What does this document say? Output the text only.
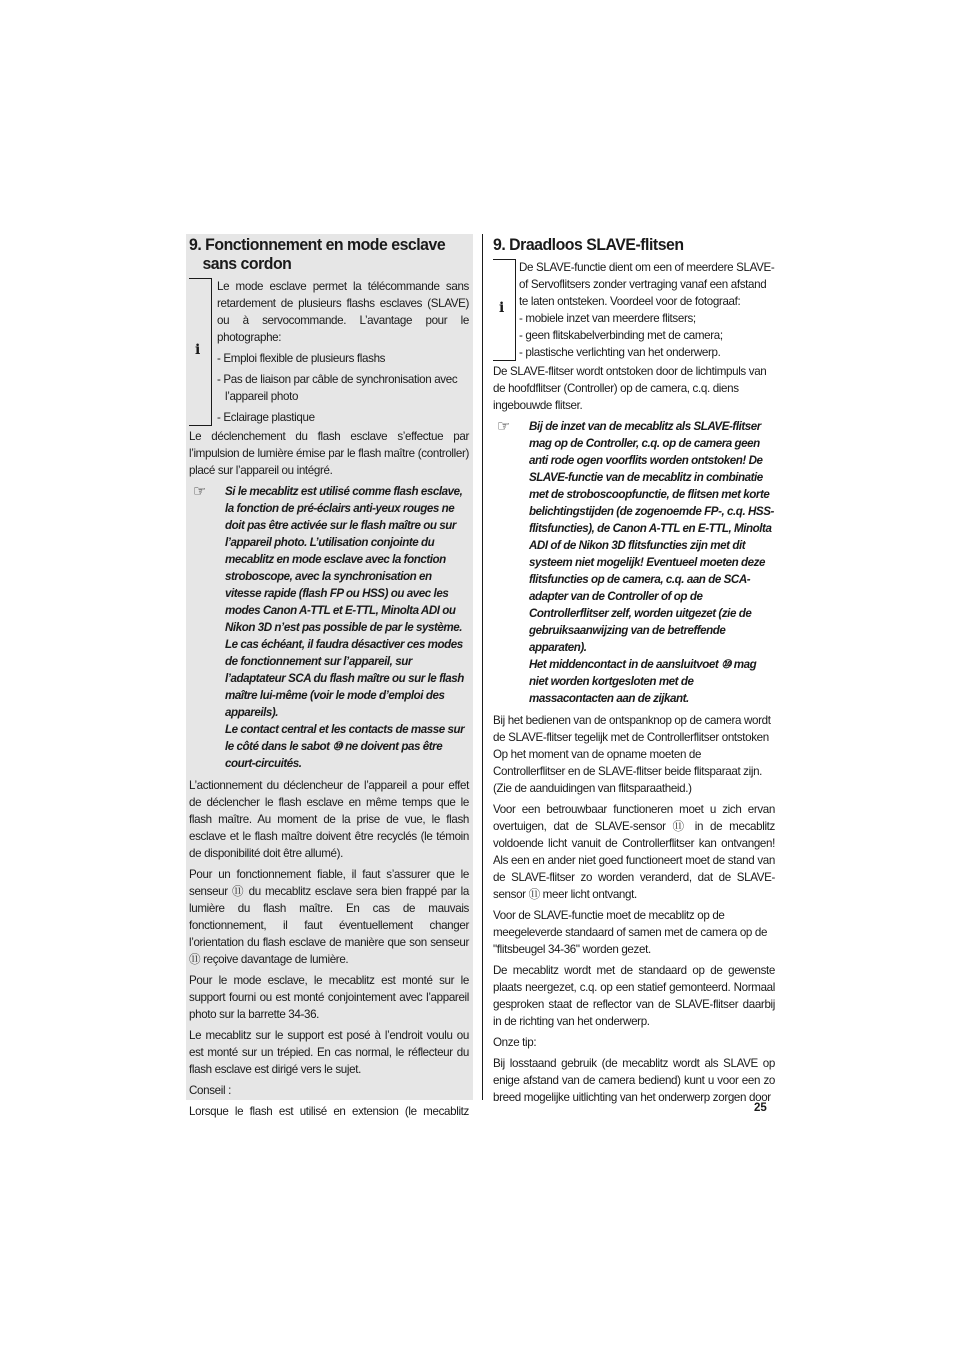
9. Fonctionnement en mode esclave sans cordon
i

Le mode esclave permet la télécommande sans retardement de plusieurs flashs esclaves (SLAVE) ou à servocommande. L’avantage pour le photographe:

- Emploi flexible de plusieurs flashs
- Pas de liaison par câble de synchronisation avec l’appareil photo
- Eclairage plastique

Le déclenchement du flash esclave s’effectue par l’impulsion de lumière émise par le flash maître (controller) placé sur l’appareil ou intégré.

☞ Si le mecablitz est utilisé comme flash esclave, la fonction de pré-éclairs anti-yeux rouges ne doit pas être activée sur le flash maître ou sur l’appareil photo. L’utilisation conjointe du mecablitz en mode esclave avec la fonction stroboscope, avec la synchronisation en vitesse rapide (flash FP ou HSS) ou avec les modes Canon A-TTL et E-TTL, Minolta ADI ou Nikon 3D n’est pas possible de par le système. Le cas échéant, il faudra désactiver ces modes de fonctionnement sur l’appareil, sur l’adaptateur SCA du flash maître ou sur le flash maître lui-même (voir le mode d’emploi des appareils).
Le contact central et les contacts de masse sur le côté dans le sabot ⑩ ne doivent pas être court-circuités.

L’actionnement du déclencheur de l’appareil a pour effet de déclencher le flash esclave en même temps que le flash maître. Au moment de la prise de vue, le flash esclave et le flash maître doivent être recyclés (le témoin de disponibilité doit être allumé).

Pour un fonctionnement fiable, il faut s’assurer que le senseur ⑪ du mecablitz esclave sera bien frappé par la lumière du flash maître. En cas de mauvais fonctionnement, il faut éventuellement changer l’orientation du flash esclave de manière que son senseur ⑪ reçoive davantage de lumière.

Pour le mode esclave, le mecablitz est monté sur le support fourni ou est monté conjointement avec l’appareil photo sur la barrette 34-36.

Le mecablitz sur le support est posé à l’endroit voulu ou est monté sur un trépied. En cas normal, le réflecteur du flash esclave est dirigé vers le sujet.

Conseil :

Lorsque le flash est utilisé en extension (le mecablitz

9. Draadloos SLAVE-flitsen
i

De SLAVE-functie dient om een of meerdere SLAVE- of Servoflitsers zonder vertraging vanaf een afstand te laten ontsteken. Voordeel voor de fotograaf:

- mobiele inzet van meerdere flitsers;
- geen flitskabelverbinding met de camera;
- plastische verlichting van het onderwerp.

De SLAVE-flitser wordt ontstoken door de lichtimpuls van de hoofdflitser (Controller) op de camera, c.q. diens ingebouwde flitser.

☞ Bij de inzet van de mecablitz als SLAVE-flitser mag op de Controller, c.q. op de camera geen anti rode ogen voorflits worden ontstoken! De SLAVE-functie van de mecablitz in combinatie met de stroboscoopfunctie, de flitsen met korte belichtingstijden (de zogenoemde FP-, c.q. HSS-flitsfuncties), de Canon A-TTL en E-TTL, Minolta ADI of de Nikon 3D flitsfuncties zijn met dit systeem niet mogelijk! Eventueel moeten deze flitsfuncties op de camera, c.q. aan de SCA-adapter van de Controller of op de Controllerflitser zelf, worden uitgezet (zie de gebruiksaanwijzing van de betreffende apparaten).
Het middencontact in de aansluitvoet ⑩ mag niet worden kortgesloten met de massacontacten aan de zijkant.

Bij het bedienen van de ontspanknop op de camera wordt de SLAVE-flitser tegelijk met de Controllerflitser ontstoken Op het moment van de opname moeten de Controllerflitser en de SLAVE-flitser beide flitsparaat zijn. (Zie de aanduidingen van flitsparaatheid.)

Voor een betrouwbaar functioneren moet u zich ervan overtuigen, dat de SLAVE-sensor ⑪ in de mecablitz voldoende licht vanuit de Controllerflitser kan ontvangen! Als een en ander niet goed functioneert moet de stand van de SLAVE-flitser zo worden veranderd, dat de SLAVE-sensor ⑪ meer licht ontvangt.

Voor de SLAVE-functie moet de mecablitz op de meegeleverde standaard of samen met de camera op de "flitsbeugel 34-36" worden gezet.

De mecablitz wordt met de standaard op de gewenste plaats neergezet, c.q. op een statief gemonteerd. Normaal gesproken staat de reflector van de SLAVE-flitser daarbij in de richting van het onderwerp.

Onze tip:

Bij losstaand gebruik (de mecablitz wordt als SLAVE op enige afstand van de camera bediend) kunt u voor een zo breed mogelijke uitlichting van het onderwerp zorgen door

25
